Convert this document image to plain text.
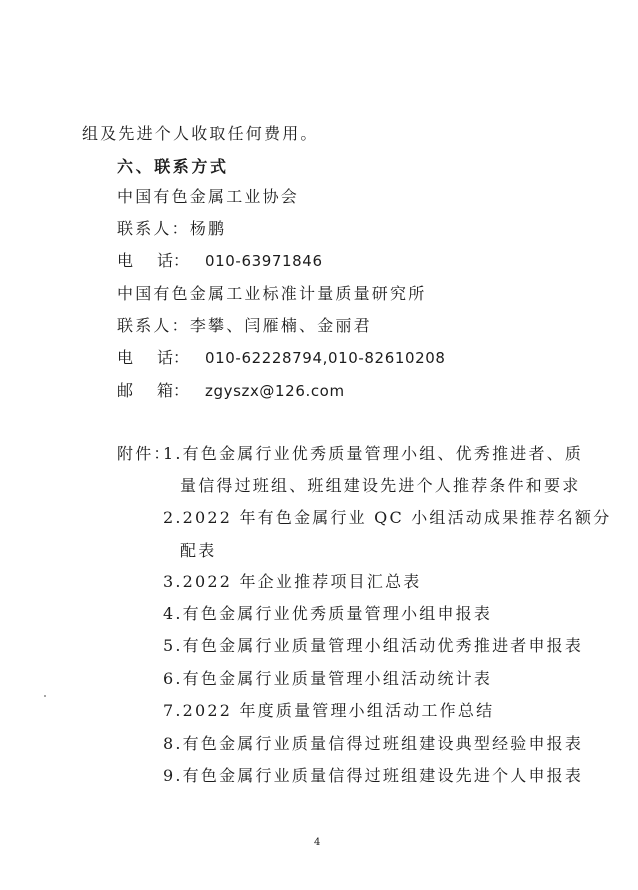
组及先进个人收取任何费用。
六、联系方式
中国有色金属工业协会
联系人：杨鹏
电 话： 010-63971846
中国有色金属工业标准计量质量研究所
联系人：李攀、闫雁楠、金丽君
电 话： 010-62228794,010-82610208
邮 箱： zgyszx@126.com
附件：
1.有色金属行业优秀质量管理小组、优秀推进者、质
量信得过班组、班组建设先进个人推荐条件和要求
2.2022 年有色金属行业 QC 小组活动成果推荐名额分
配表
3.2022 年企业推荐项目汇总表
4.有色金属行业优秀质量管理小组申报表
5.有色金属行业质量管理小组活动优秀推进者申报表
6.有色金属行业质量管理小组活动统计表
7.2022 年度质量管理小组活动工作总结
8.有色金属行业质量信得过班组建设典型经验申报表
9.有色金属行业质量信得过班组建设先进个人申报表
4
